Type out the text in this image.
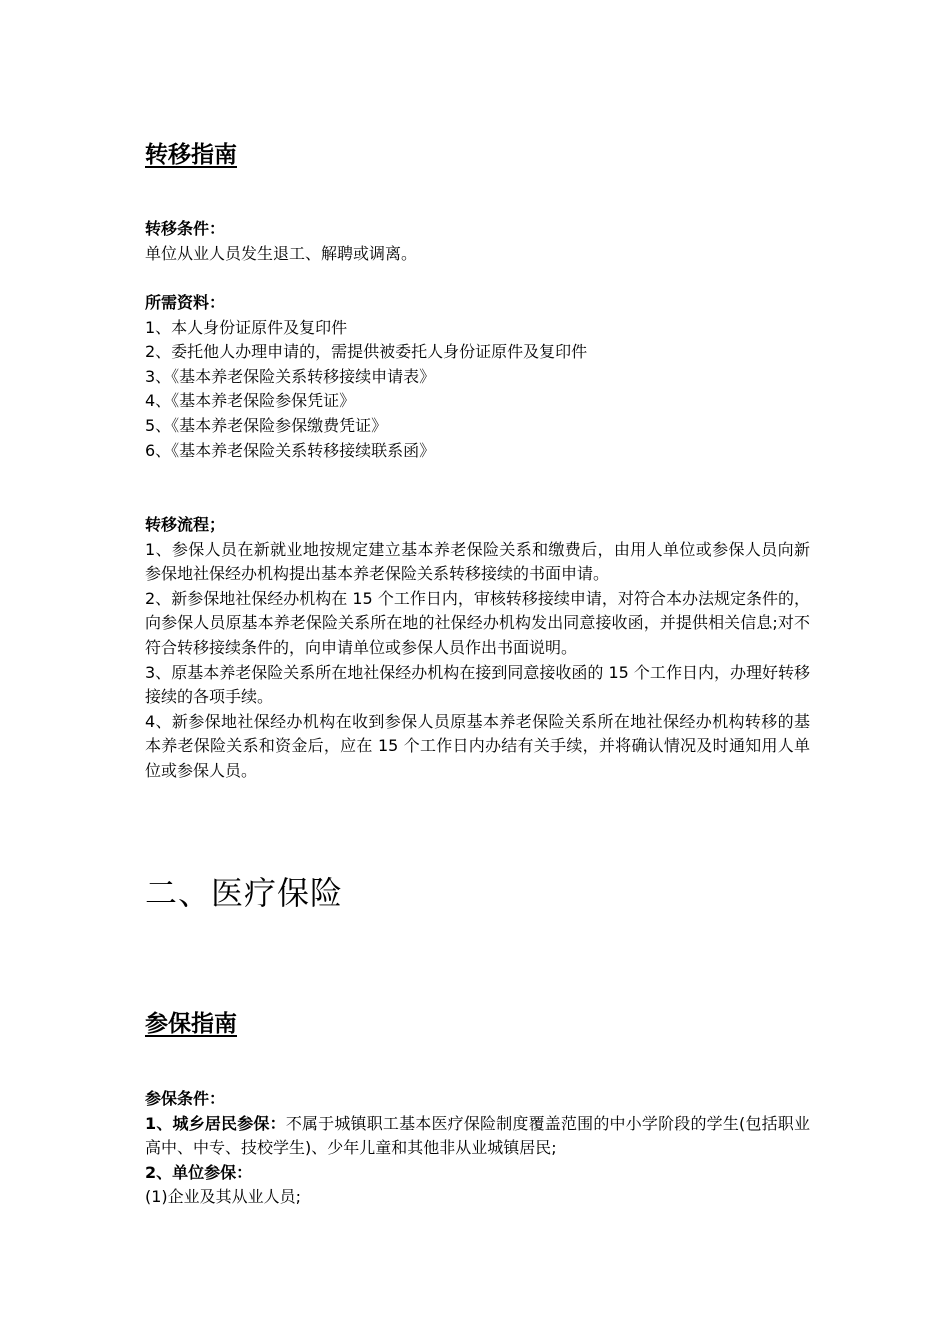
转移指南
转移条件：
单位从业人员发生退工、解聘或调离。
所需资料：
1、本人身份证原件及复印件
2、委托他人办理申请的，需提供被委托人身份证原件及复印件
3、《基本养老保险关系转移接续申请表》
4、《基本养老保险参保凭证》
5、《基本养老保险参保缴费凭证》
6、《基本养老保险关系转移接续联系函》
转移流程；
1、参保人员在新就业地按规定建立基本养老保险关系和缴费后，由用人单位或参保人员向新参保地社保经办机构提出基本养老保险关系转移接续的书面申请。
2、新参保地社保经办机构在 15 个工作日内，审核转移接续申请，对符合本办法规定条件的，向参保人员原基本养老保险关系所在地的社保经办机构发出同意接收函，并提供相关信息;对不符合转移接续条件的，向申请单位或参保人员作出书面说明。
3、原基本养老保险关系所在地社保经办机构在接到同意接收函的 15 个工作日内，办理好转移接续的各项手续。
4、新参保地社保经办机构在收到参保人员原基本养老保险关系所在地社保经办机构转移的基本养老保险关系和资金后，应在 15 个工作日内办结有关手续，并将确认情况及时通知用人单位或参保人员。
二、医疗保险
参保指南
参保条件：
1、城乡居民参保：不属于城镇职工基本医疗保险制度覆盖范围的中小学阶段的学生(包括职业高中、中专、技校学生)、少年儿童和其他非从业城镇居民;
2、单位参保：
(1)企业及其从业人员;
